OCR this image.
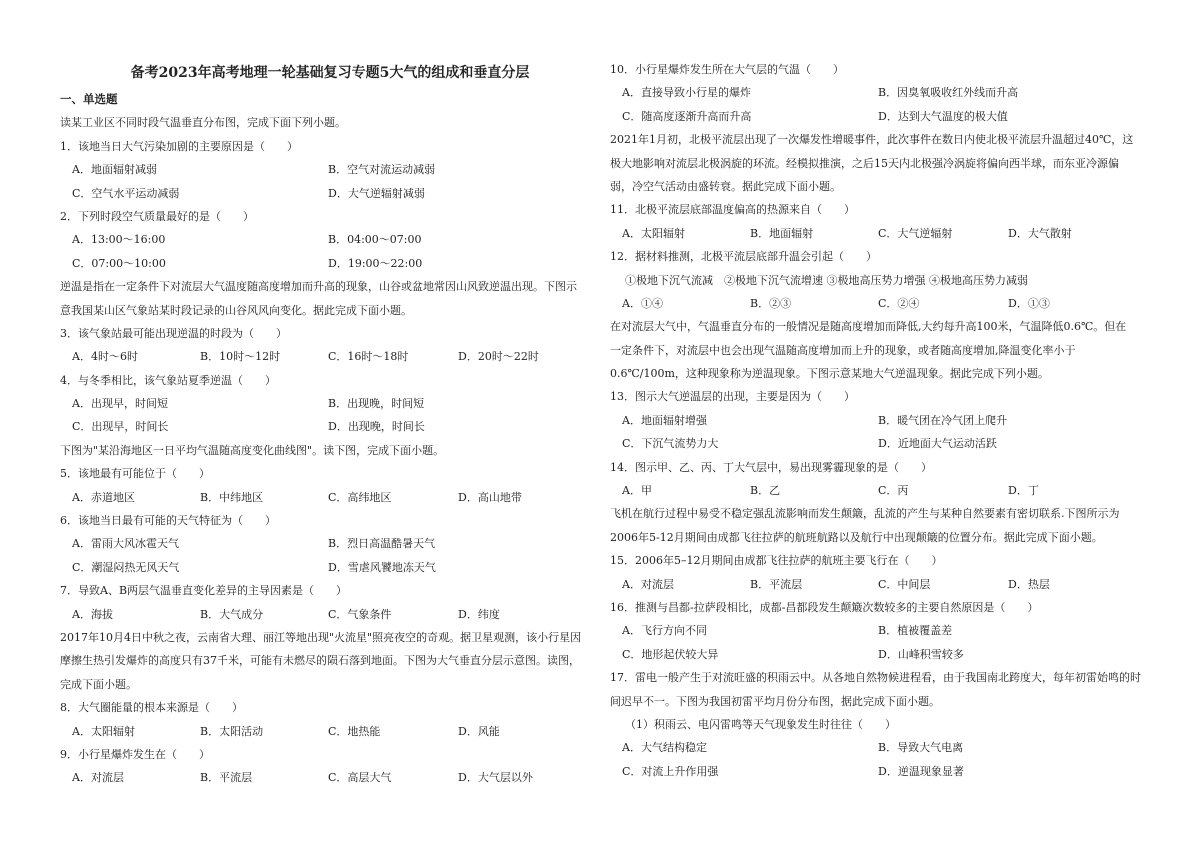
备考2023年高考地理一轮基础复习专题5大气的组成和垂直分层
一、单选题
读某工业区不同时段气温垂直分布图，完成下面下列小题。
1．该地当日大气污染加剧的主要原因是（　　）
A．地面辐射减弱	B．空气对流运动减弱
C．空气水平运动减弱	D．大气逆辐射减弱
2．下列时段空气质量最好的是（　　）
A．13:00～16:00	B．04:00～07:00
C．07:00～10:00	D．19:00～22:00
逆温是指在一定条件下对流层大气温度随高度增加而升高的现象，山谷或盆地常因山风致逆温出现。下图示
意我国某山区气象站某时段记录的山谷风风向变化。据此完成下面小题。
3．该气象站最可能出现逆温的时段为（　　）
A．4时～6时	B．10时～12时	C．16时～18时	D．20时～22时
4．与冬季相比，该气象站夏季逆温（　　）
A．出现早，时间短	B．出现晚，时间短
C．出现早，时间长	D．出现晚，时间长
下图为"某沿海地区一日平均气温随高度变化曲线图"。读下图，完成下面小题。
5．该地最有可能位于（　　）
A．赤道地区	B．中纬地区	C．高纬地区	D．高山地带
6．该地当日最有可能的天气特征为（　　）
A．雷雨大风冰雹天气	B．烈日高温酷暑天气
C．潮湿闷热无风天气	D．雪虐风饕地冻天气
7．导致A、B两层气温垂直变化差异的主导因素是（　　）
A．海拔	B．大气成分	C．气象条件	D．纬度
2017年10月4日中秋之夜，云南省大理、丽江等地出现"火流星"照亮夜空的奇观。据卫星观测，该小行星因
摩擦生热引发爆炸的高度只有37千米，可能有未燃尽的陨石落到地面。下图为大气垂直分层示意图。读图，
完成下面小题。
8．大气圈能量的根本来源是（　　）
A．太阳辐射	B．太阳活动	C．地热能	D．风能
9．小行星爆炸发生在（　　）
A．对流层	B．平流层	C．高层大气	D．大气层以外
10．小行星爆炸发生所在大气层的气温（　　）
A．直接导致小行星的爆炸	B．因臭氧吸收红外线而升高
C．随高度逐渐升高而升高	D．达到大气温度的极大值
2021年1月初，北极平流层出现了一次爆发性增暖事件，此次事件在数日内使北极平流层升温超过40℃，这
极大地影响对流层北极涡旋的环流。经模拟推演，之后15天内北极强冷涡旋将偏向西半球，而东亚冷源偏
弱，冷空气活动由盛转衰。据此完成下面小题。
11．北极平流层底部温度偏高的热源来自（　　）
A．太阳辐射	B．地面辐射	C．大气逆辐射	D．大气散射
12．据材料推测，北极平流层底部升温会引起（　　）
①极地下沉气流减　②极地下沉气流增速 ③极地高压势力增强 ④极地高压势力减弱
A．①④	B．②③	C．②④	D．①③
在对流层大气中，气温垂直分布的一般情况是随高度增加而降低,大约每升高100米，气温降低0.6℃。但在
一定条件下，对流层中也会出现气温随高度增加而上升的现象，或者随高度增加,降温变化率小于
0.6℃/100m，这种现象称为逆温现象。下图示意某地大气逆温现象。据此完成下列小题。
13．图示大气逆温层的出现，主要是因为（　　）
A．地面辐射增强	B．暖气团在冷气团上爬升
C．下沉气流势力大	D．近地面大气运动活跃
14．图示甲、乙、丙、丁大气层中，易出现雾霾现象的是（　　）
A．甲	B．乙	C．丙	D．丁
飞机在航行过程中易受不稳定强乱流影响而发生颠簸，乱流的产生与某种自然要素有密切联系.下图所示为
2006年5-12月期间由成都飞往拉萨的航班航路以及航行中出现颠簸的位置分布。据此完成下面小题。
15．2006年5–12月期间由成都飞往拉萨的航班主要飞行在（　　）
A．对流层	B．平流层	C．中间层	D．热层
16．推测与昌都-拉萨段相比，成都-昌都段发生颠簸次数较多的主要自然原因是（　　）
A．飞行方向不同	B．植被覆盖差
C．地形起伏较大异	D．山峰积雪较多
17．雷电一般产生于对流旺盛的积雨云中。从各地自然物候进程看，由于我国南北跨度大，每年初雷始鸣的时
间迟早不一。下图为我国初雷平均月份分布图，据此完成下面小题。
（1）积雨云、电闪雷鸣等天气现象发生时往往（　　）
A．大气结构稳定	B．导致大气电离
C．对流上升作用强	D．逆温现象显著
